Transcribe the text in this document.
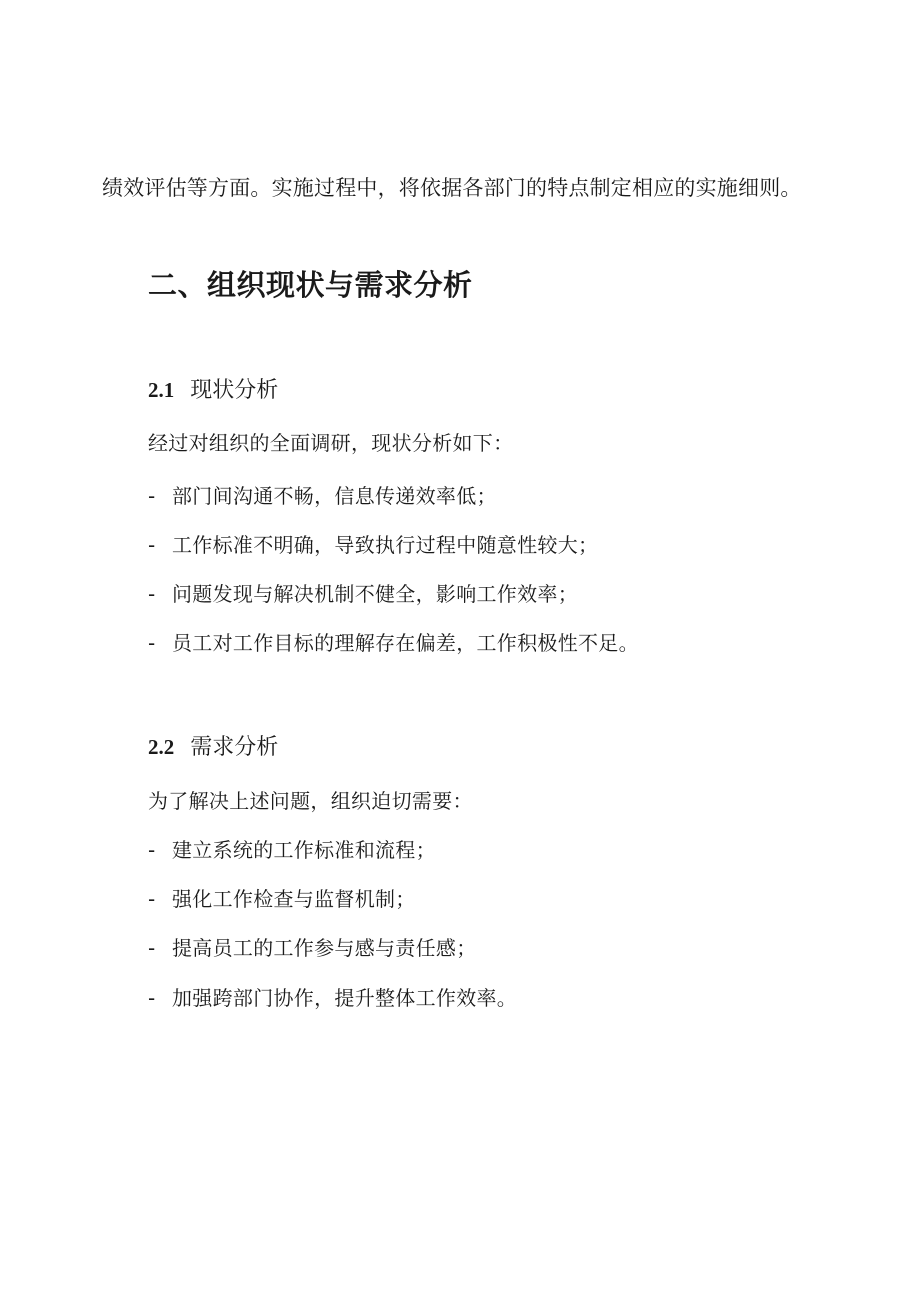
绩效评估等方面。实施过程中，将依据各部门的特点制定相应的实施细则。
二、组织现状与需求分析
2.1 现状分析
经过对组织的全面调研，现状分析如下：
- 部门间沟通不畅，信息传递效率低；
- 工作标准不明确，导致执行过程中随意性较大；
- 问题发现与解决机制不健全，影响工作效率；
- 员工对工作目标的理解存在偏差，工作积极性不足。
2.2 需求分析
为了解决上述问题，组织迫切需要：
- 建立系统的工作标准和流程；
- 强化工作检查与监督机制；
- 提高员工的工作参与感与责任感；
- 加强跨部门协作，提升整体工作效率。
